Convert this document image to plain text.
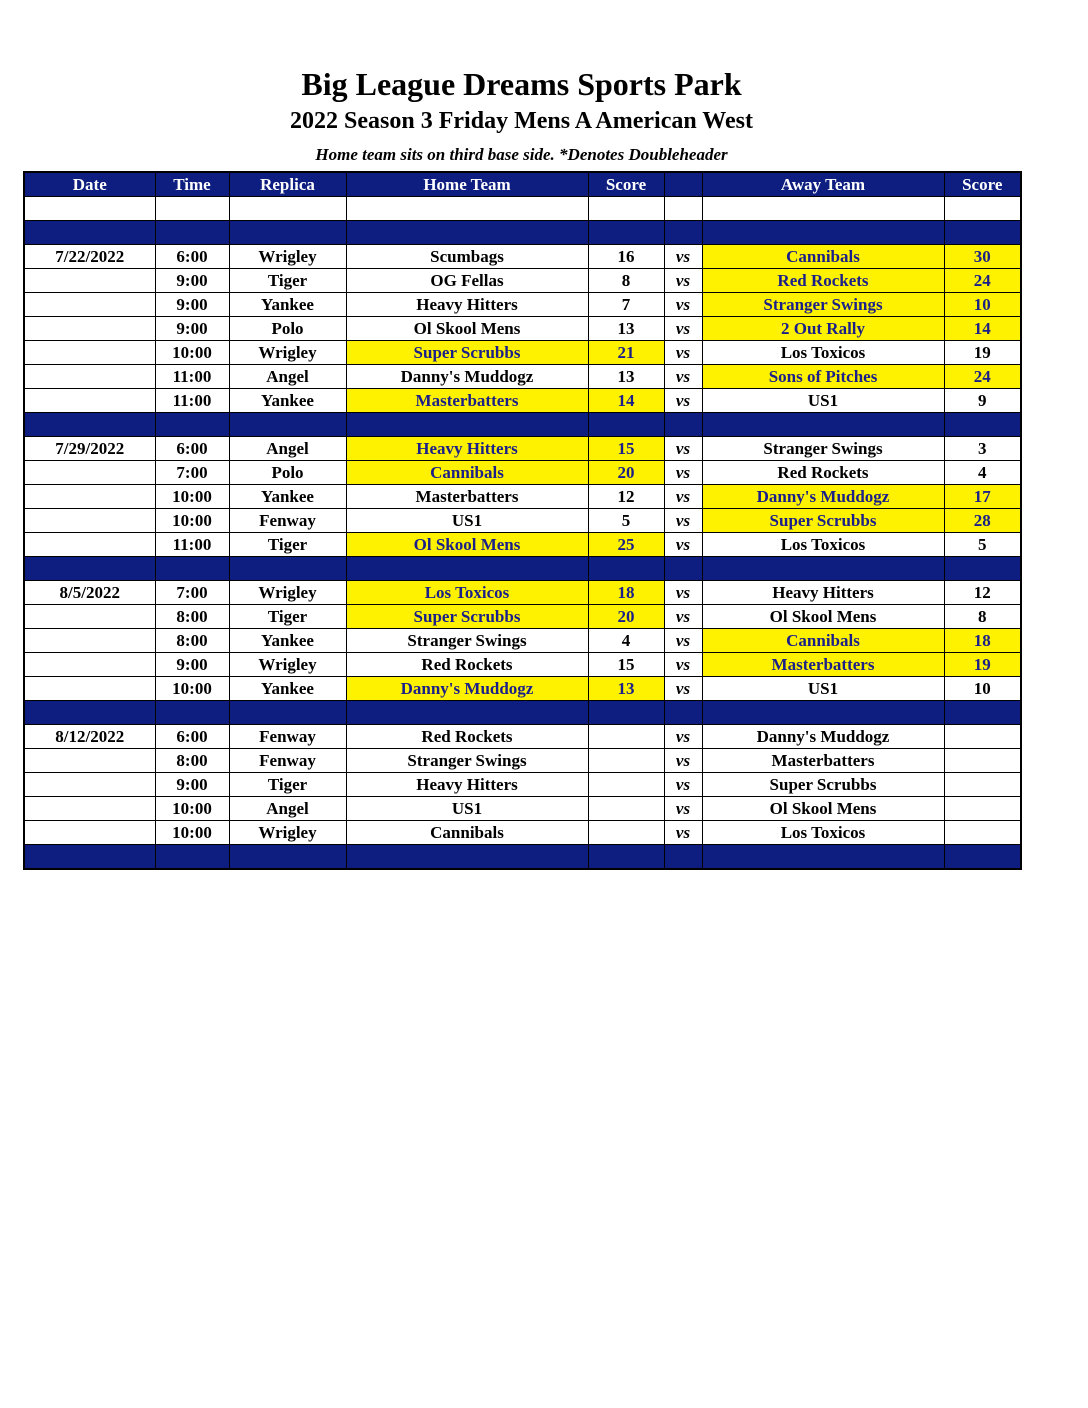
Big League Dreams Sports Park
2022 Season 3 Friday Mens A American West
Home team sits on third base side. *Denotes Doubleheader
Date	Time	Replica	Home Team	Score		Away Team	Score

7/22/2022	6:00	Wrigley	Scumbags	16	vs	Cannibals	30
	9:00	Tiger	OG Fellas	8	vs	Red Rockets	24
	9:00	Yankee	Heavy Hitters	7	vs	Stranger Swings	10
	9:00	Polo	Ol Skool Mens	13	vs	2 Out Rally	14
	10:00	Wrigley	Super Scrubbs	21	vs	Los Toxicos	19
	11:00	Angel	Danny's Muddogz	13	vs	Sons of Pitches	24
	11:00	Yankee	Masterbatters	14	vs	US1	9

7/29/2022	6:00	Angel	Heavy Hitters	15	vs	Stranger Swings	3
	7:00	Polo	Cannibals	20	vs	Red Rockets	4
	10:00	Yankee	Masterbatters	12	vs	Danny's Muddogz	17
	10:00	Fenway	US1	5	vs	Super Scrubbs	28
	11:00	Tiger	Ol Skool Mens	25	vs	Los Toxicos	5

8/5/2022	7:00	Wrigley	Los Toxicos	18	vs	Heavy Hitters	12
	8:00	Tiger	Super Scrubbs	20	vs	Ol Skool Mens	8
	8:00	Yankee	Stranger Swings	4	vs	Cannibals	18
	9:00	Wrigley	Red Rockets	15	vs	Masterbatters	19
	10:00	Yankee	Danny's Muddogz	13	vs	US1	10

8/12/2022	6:00	Fenway	Red Rockets		vs	Danny's Muddogz	
	8:00	Fenway	Stranger Swings		vs	Masterbatters	
	9:00	Tiger	Heavy Hitters		vs	Super Scrubbs	
	10:00	Angel	US1		vs	Ol Skool Mens	
	10:00	Wrigley	Cannibals		vs	Los Toxicos	
